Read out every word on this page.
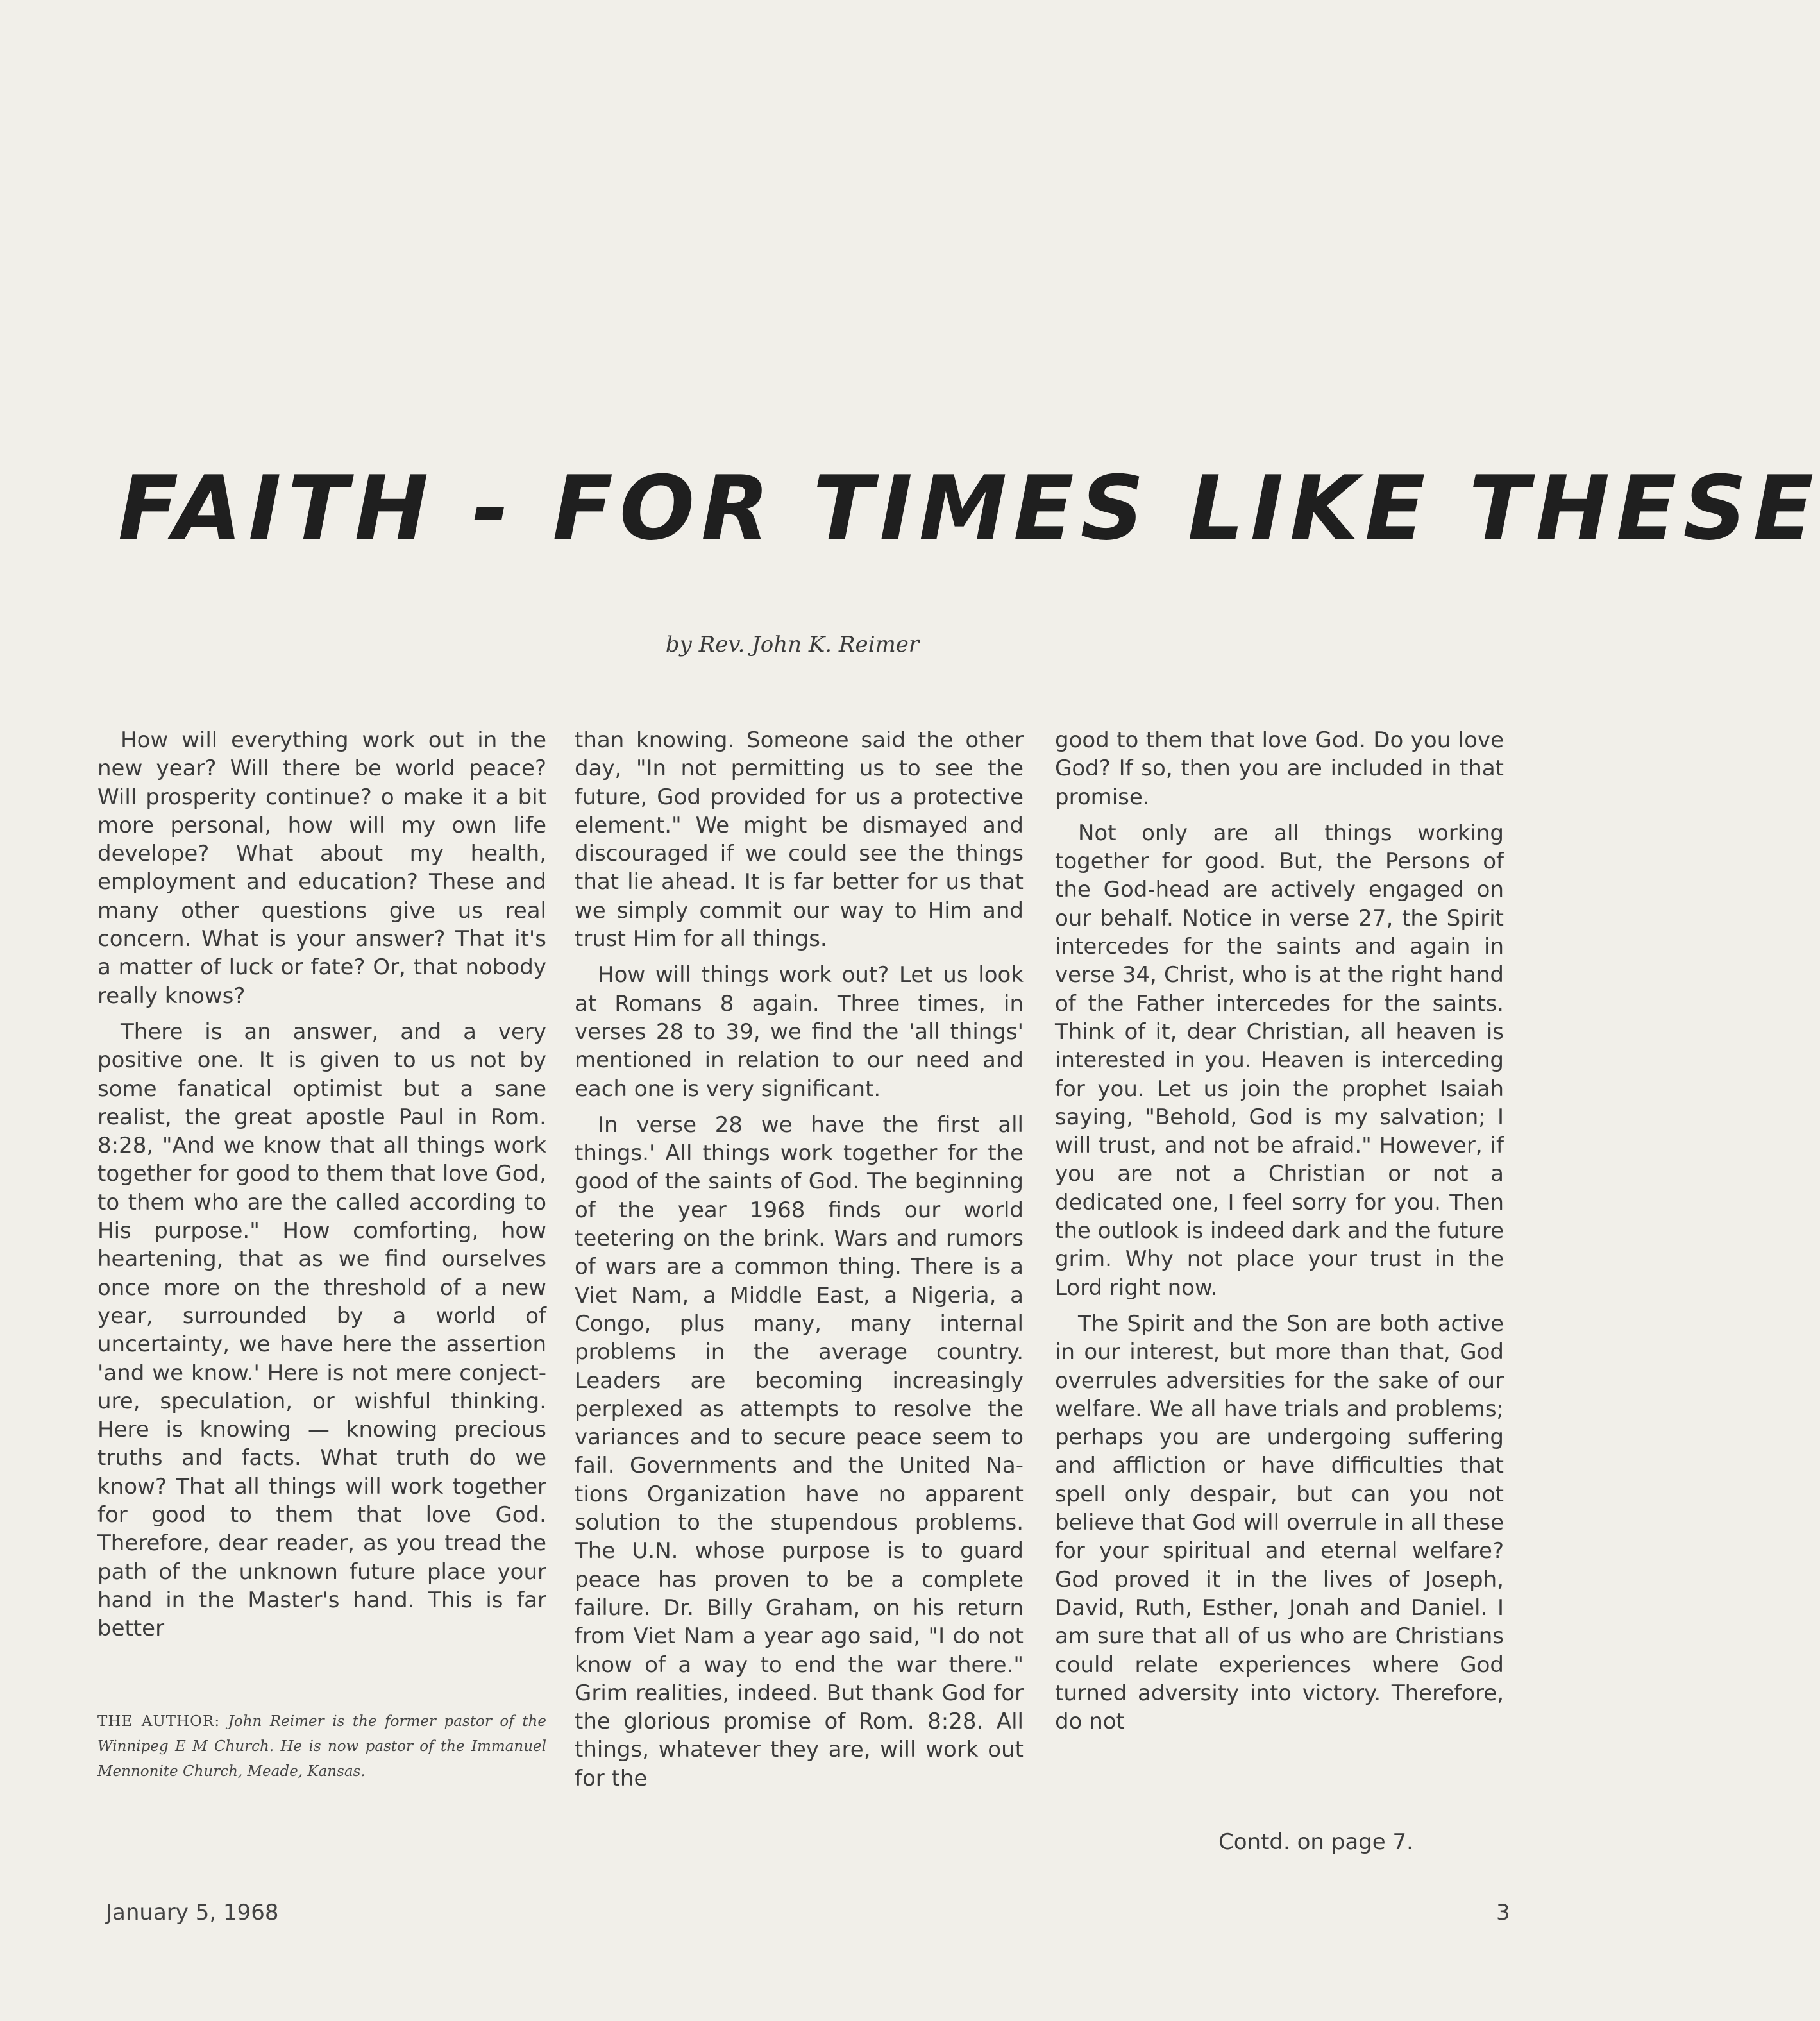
FAITH - FOR TIMES LIKE THESE
by Rev. John K. Reimer

How will everything work out in the new year? Will there be world peace? Will prosperity continue? o make it a bit more personal, how will my own life develope? What about my health, employment and education? These and many other questions give us real concern. What is your answer? That it's a matter of luck or fate? Or, that nobody really knows?

There is an answer, and a very positive one. It is given to us not by some fanatical optimist but a sane realist, the great apostle Paul in Rom. 8:28, "And we know that all things work together for good to them that love God, to them who are the called according to His purpose." How comforting, how heartening, that as we find ourselves once more on the threshold of a new year, surrounded by a world of uncertainty, we have here the assertion 'and we know.' Here is not mere conjecture, speculation, or wishful thinking. Here is knowing — knowing precious truths and facts. What truth do we know? That all things will work together for good to them that love God. Therefore, dear reader, as you tread the path of the unknown future place your hand in the Master's hand. This is far better

than knowing. Someone said the other day, "In not permitting us to see the future, God provided for us a protective element." We might be dismayed and discouraged if we could see the things that lie ahead. It is far better for us that we simply commit our way to Him and trust Him for all things.

How will things work out? Let us look at Romans 8 again. Three times, in verses 28 to 39, we find the 'all things' mentioned in relation to our need and each one is very significant.

In verse 28 we have the first all things.' All things work together for the good of the saints of God. The beginning of the year 1968 finds our world teetering on the brink. Wars and rumors of wars are a common thing. There is a Viet Nam, a Middle East, a Nigeria, a Congo, plus many, many internal problems in the average country. Leaders are becoming increasingly perplexed as attempts to resolve the variances and to secure peace seem to fail. Governments and the United Nations Organization have no apparent solution to the stupendous problems. The U.N. whose purpose is to guard peace has proven to be a complete failure. Dr. Billy Graham, on his return from Viet Nam a year ago said, "I do not know of a way to end the war there." Grim realities, indeed. But thank God for the glorious promise of Rom. 8:28. All things, whatever they are, will work out for the

good to them that love God. Do you love God? If so, then you are included in that promise.

Not only are all things working together for good. But, the Persons of the God-head are actively engaged on our behalf. Notice in verse 27, the Spirit intercedes for the saints and again in verse 34, Christ, who is at the right hand of the Father intercedes for the saints. Think of it, dear Christian, all heaven is interested in you. Heaven is interceding for you. Let us join the prophet Isaiah saying, "Behold, God is my salvation; I will trust, and not be afraid." However, if you are not a Christian or not a dedicated one, I feel sorry for you. Then the outlook is indeed dark and the future grim. Why not place your trust in the Lord right now.

The Spirit and the Son are both active in our interest, but more than that, God overrules adversities for the sake of our welfare. We all have trials and problems; perhaps you are undergoing suffering and affliction or have difficulties that spell only despair, but can you not believe that God will overrule in all these for your spiritual and eternal welfare? God proved it in the lives of Joseph, David, Ruth, Esther, Jonah and Daniel. I am sure that all of us who are Christians could relate experiences where God turned adversity into victory. Therefore, do not

THE AUTHOR: John Reimer is the former pastor of the Winnipeg E M Church. He is now pastor of the Immanuel Mennonite Church, Meade, Kansas.
Contd. on page 7.
January 5, 1968	3
